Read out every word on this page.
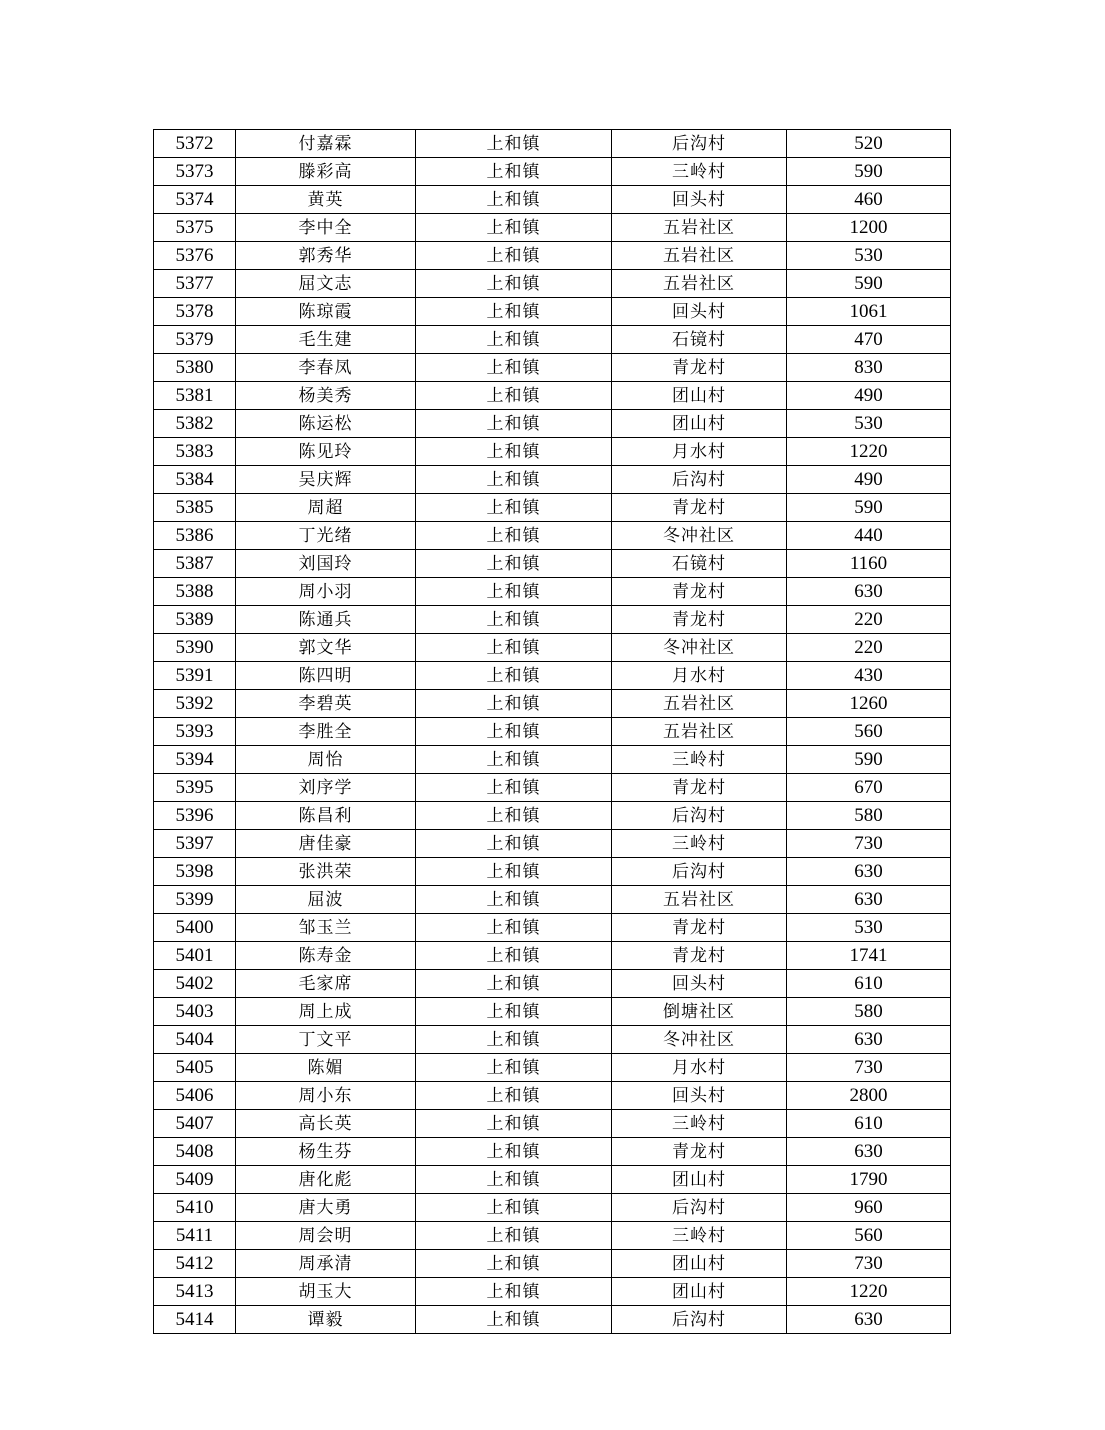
5372	付嘉霖	上和镇	后沟村	520
5373	滕彩高	上和镇	三岭村	590
5374	黄英	上和镇	回头村	460
5375	李中全	上和镇	五岩社区	1200
5376	郭秀华	上和镇	五岩社区	530
5377	屈文志	上和镇	五岩社区	590
5378	陈琼霞	上和镇	回头村	1061
5379	毛生建	上和镇	石镜村	470
5380	李春凤	上和镇	青龙村	830
5381	杨美秀	上和镇	团山村	490
5382	陈运松	上和镇	团山村	530
5383	陈见玲	上和镇	月水村	1220
5384	吴庆辉	上和镇	后沟村	490
5385	周超	上和镇	青龙村	590
5386	丁光绪	上和镇	冬冲社区	440
5387	刘国玲	上和镇	石镜村	1160
5388	周小羽	上和镇	青龙村	630
5389	陈通兵	上和镇	青龙村	220
5390	郭文华	上和镇	冬冲社区	220
5391	陈四明	上和镇	月水村	430
5392	李碧英	上和镇	五岩社区	1260
5393	李胜全	上和镇	五岩社区	560
5394	周怡	上和镇	三岭村	590
5395	刘序学	上和镇	青龙村	670
5396	陈昌利	上和镇	后沟村	580
5397	唐佳豪	上和镇	三岭村	730
5398	张洪荣	上和镇	后沟村	630
5399	屈波	上和镇	五岩社区	630
5400	邹玉兰	上和镇	青龙村	530
5401	陈寿金	上和镇	青龙村	1741
5402	毛家席	上和镇	回头村	610
5403	周上成	上和镇	倒塘社区	580
5404	丁文平	上和镇	冬冲社区	630
5405	陈媚	上和镇	月水村	730
5406	周小东	上和镇	回头村	2800
5407	高长英	上和镇	三岭村	610
5408	杨生芬	上和镇	青龙村	630
5409	唐化彪	上和镇	团山村	1790
5410	唐大勇	上和镇	后沟村	960
5411	周会明	上和镇	三岭村	560
5412	周承清	上和镇	团山村	730
5413	胡玉大	上和镇	团山村	1220
5414	谭毅	上和镇	后沟村	630
